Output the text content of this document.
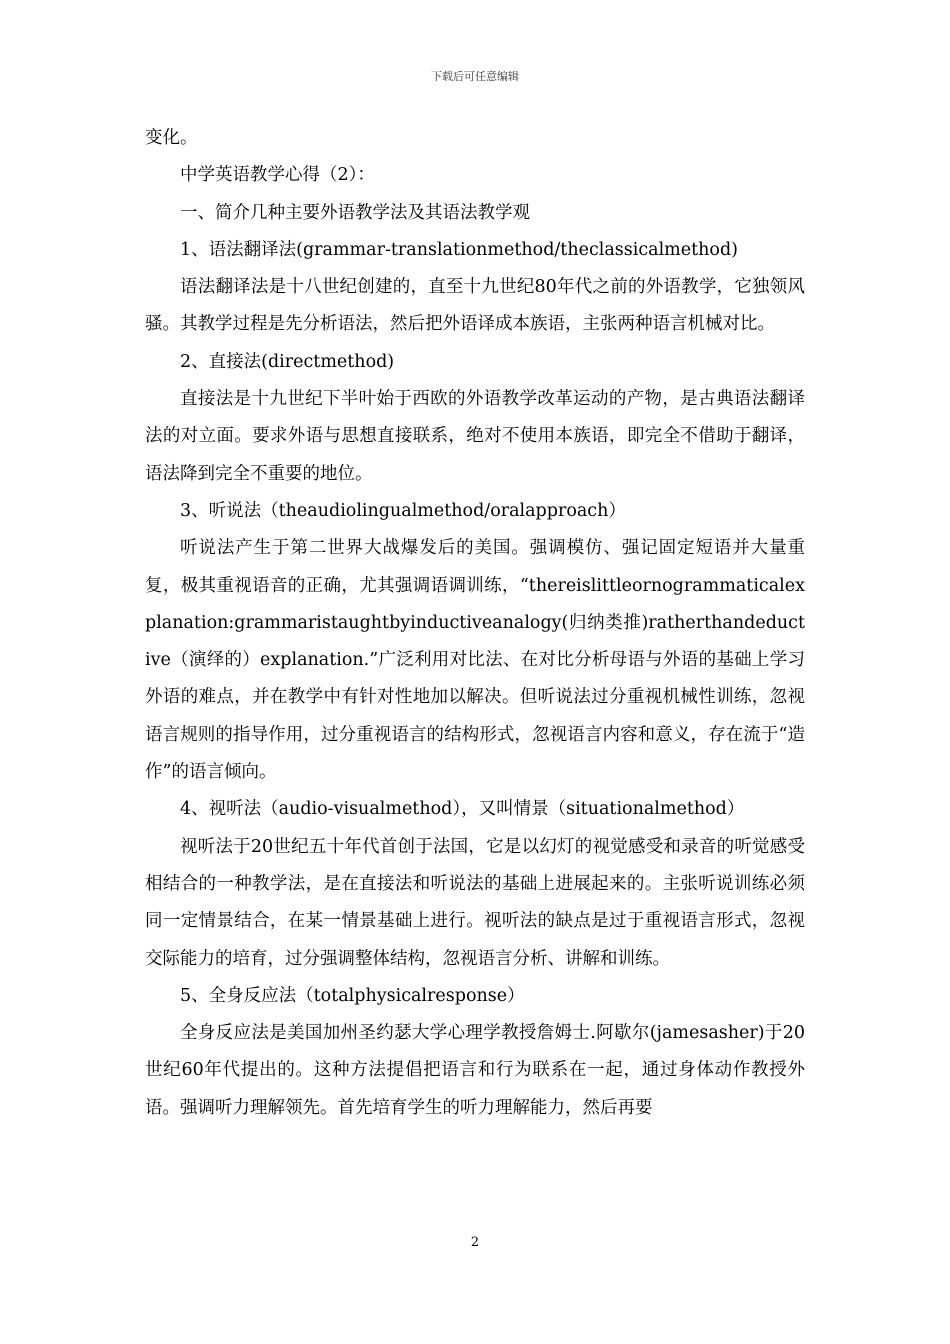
下载后可任意编辑

变化。

中学英语教学心得（2）：

一、简介几种主要外语教学法及其语法教学观

1、语法翻译法(grammar-translationmethod/theclassicalmethod)

语法翻译法是十八世纪创建的，直至十九世纪80年代之前的外语教学，它独领风骚。其教学过程是先分析语法，然后把外语译成本族语，主张两种语言机械对比。

2、直接法(directmethod)

直接法是十九世纪下半叶始于西欧的外语教学改革运动的产物，是古典语法翻译法的对立面。要求外语与思想直接联系，绝对不使用本族语，即完全不借助于翻译，语法降到完全不重要的地位。

3、听说法（theaudiolingualmethod/oralapproach）

听说法产生于第二世界大战爆发后的美国。强调模仿、强记固定短语并大量重复，极其重视语音的正确，尤其强调语调训练，“thereislittleornogrammaticalexplanation:grammaristaughtbyinductiveanalogy(归纳类推)ratherthandeductive（演绎的）explanation.”广泛利用对比法、在对比分析母语与外语的基础上学习外语的难点，并在教学中有针对性地加以解决。但听说法过分重视机械性训练，忽视语言规则的指导作用，过分重视语言的结构形式，忽视语言内容和意义，存在流于“造作”的语言倾向。

4、视听法（audio-visualmethod），又叫情景（situationalmethod）

视听法于20世纪五十年代首创于法国，它是以幻灯的视觉感受和录音的听觉感受相结合的一种教学法，是在直接法和听说法的基础上进展起来的。主张听说训练必须同一定情景结合，在某一情景基础上进行。视听法的缺点是过于重视语言形式，忽视交际能力的培育，过分强调整体结构，忽视语言分析、讲解和训练。

5、全身反应法（totalphysicalresponse）

全身反应法是美国加州圣约瑟大学心理学教授詹姆士.阿歇尔(jamesasher)于20世纪60年代提出的。这种方法提倡把语言和行为联系在一起，通过身体动作教授外语。强调听力理解领先。首先培育学生的听力理解能力，然后再要

2
